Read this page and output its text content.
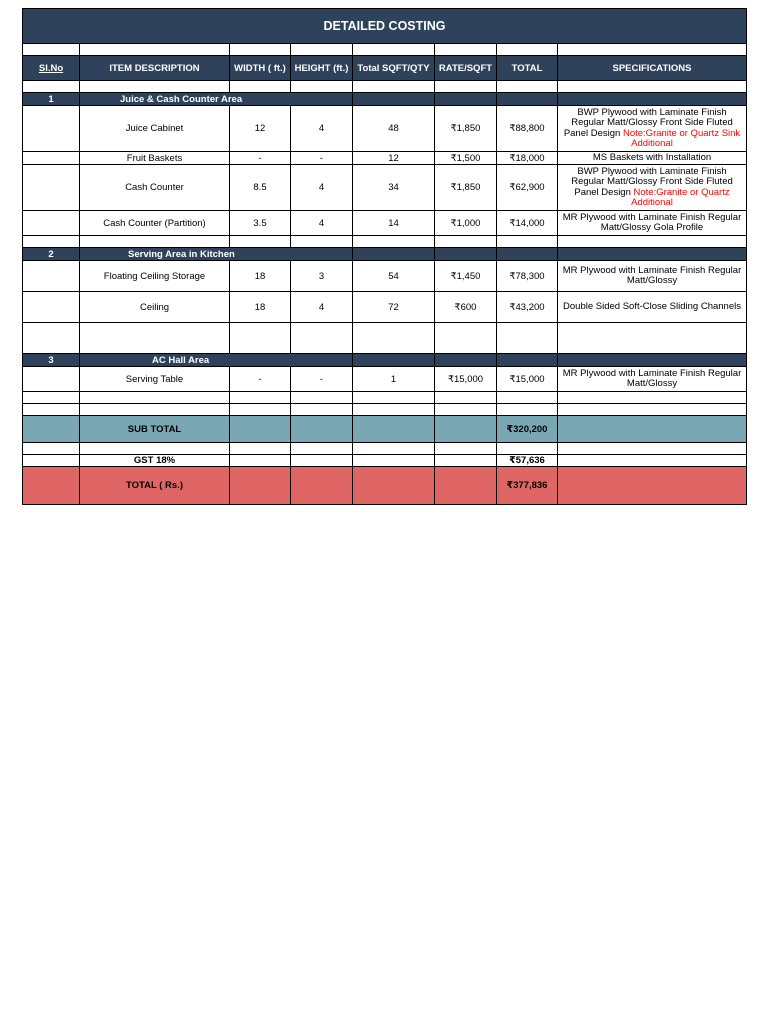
DETAILED COSTING							

Sl.No	ITEM DESCRIPTION	WIDTH ( ft.)	HEIGHT (ft.)	Total SQFT/QTY	RATE/SQFT	TOTAL	SPECIFICATIONS

1	Juice & Cash Counter Area						
	Juice Cabinet	12	4	48	₹1,850	₹88,800	BWP Plywood with Laminate Finish Regular Matt/Glossy Front Side Fluted Panel Design Note:Granite or Quartz Sink Additional
	Fruit Baskets	-	-	12	₹1,500	₹18,000	MS Baskets with Installation
	Cash Counter	8.5	4	34	₹1,850	₹62,900	BWP Plywood with Laminate Finish Regular Matt/Glossy Front Side Fluted Panel Design Note:Granite or Quartz Additional
	Cash Counter (Partition)	3.5	4	14	₹1,000	₹14,000	MR Plywood with Laminate Finish Regular Matt/Glossy Gola Profile

2	Serving Area in Kitchen						
	Floating Ceiling Storage	18	3	54	₹1,450	₹78,300	MR Plywood with Laminate Finish Regular Matt/Glossy
	Ceiling	18	4	72	₹600	₹43,200	Double Sided Soft-Close Sliding Channels

3	AC Hall Area						
	Serving Table	-	-	1	₹15,000	₹15,000	MR Plywood with Laminate Finish Regular Matt/Glossy

	SUB TOTAL					₹320,200	

	GST 18%					₹57,636	
	TOTAL ( Rs.)					₹377,836	
